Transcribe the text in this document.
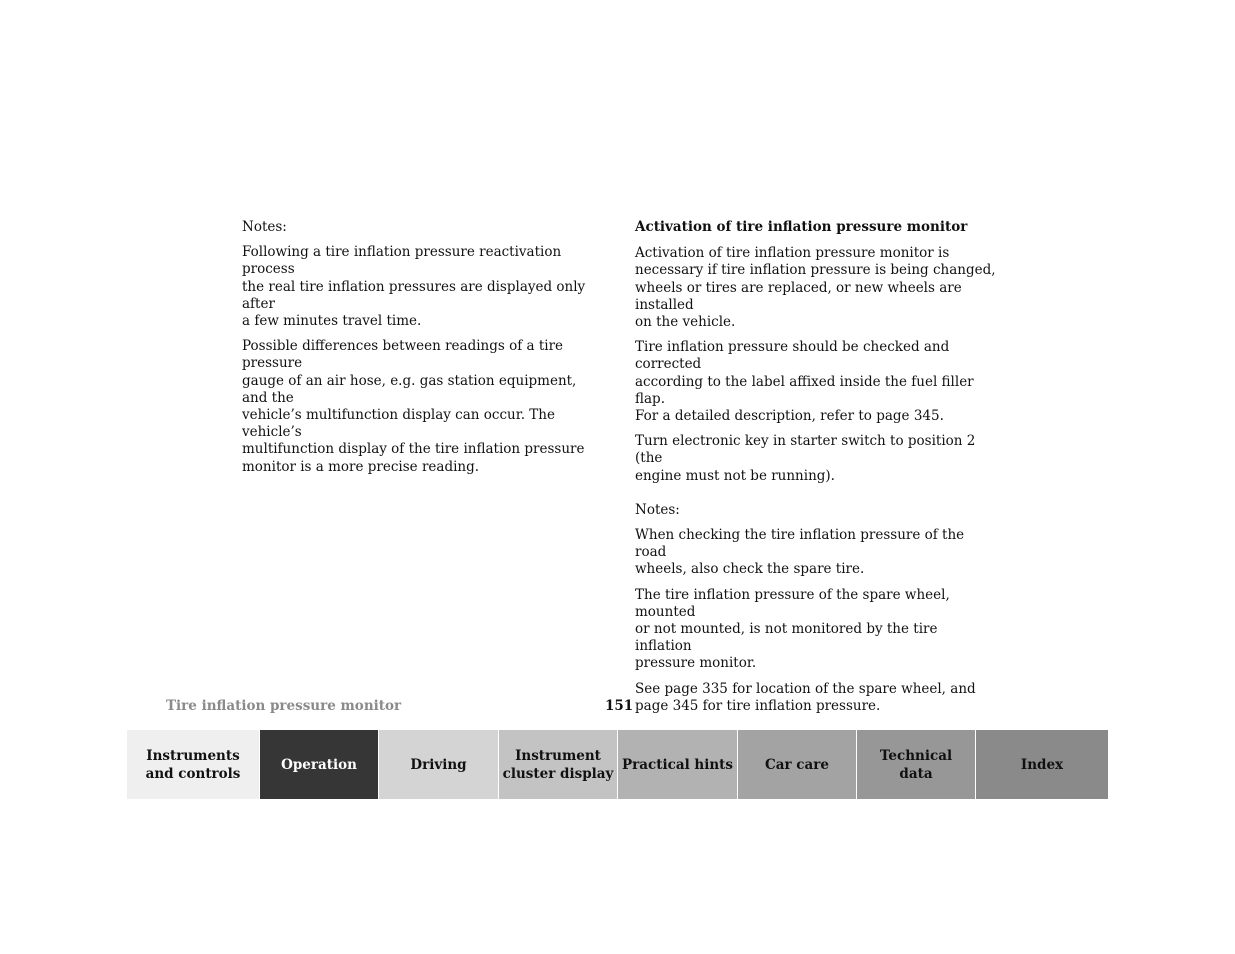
Notes:

Following a tire inflation pressure reactivation process
the real tire inflation pressures are displayed only after
a few minutes travel time.

Possible differences between readings of a tire pressure
gauge of an air hose, e.g. gas station equipment, and the
vehicle’s multifunction display can occur. The vehicle’s
multifunction display of the tire inflation pressure
monitor is a more precise reading.

Activation of tire inflation pressure monitor

Activation of tire inflation pressure monitor is
necessary if tire inflation pressure is being changed,
wheels or tires are replaced, or new wheels are installed
on the vehicle.

Tire inflation pressure should be checked and corrected
according to the label affixed inside the fuel filler flap.
For a detailed description, refer to page 345.

Turn electronic key in starter switch to position 2 (the
engine must not be running).

Notes:

When checking the tire inflation pressure of the road
wheels, also check the spare tire.

The tire inflation pressure of the spare wheel, mounted
or not mounted, is not monitored by the tire inflation
pressure monitor.

See page 335 for location of the spare wheel, and
page 345 for tire inflation pressure.

Tire inflation pressure monitor	151
Instruments
and controls
Operation	Driving
Instrument
cluster display
Practical hints	Car care
Technical
data
Index
